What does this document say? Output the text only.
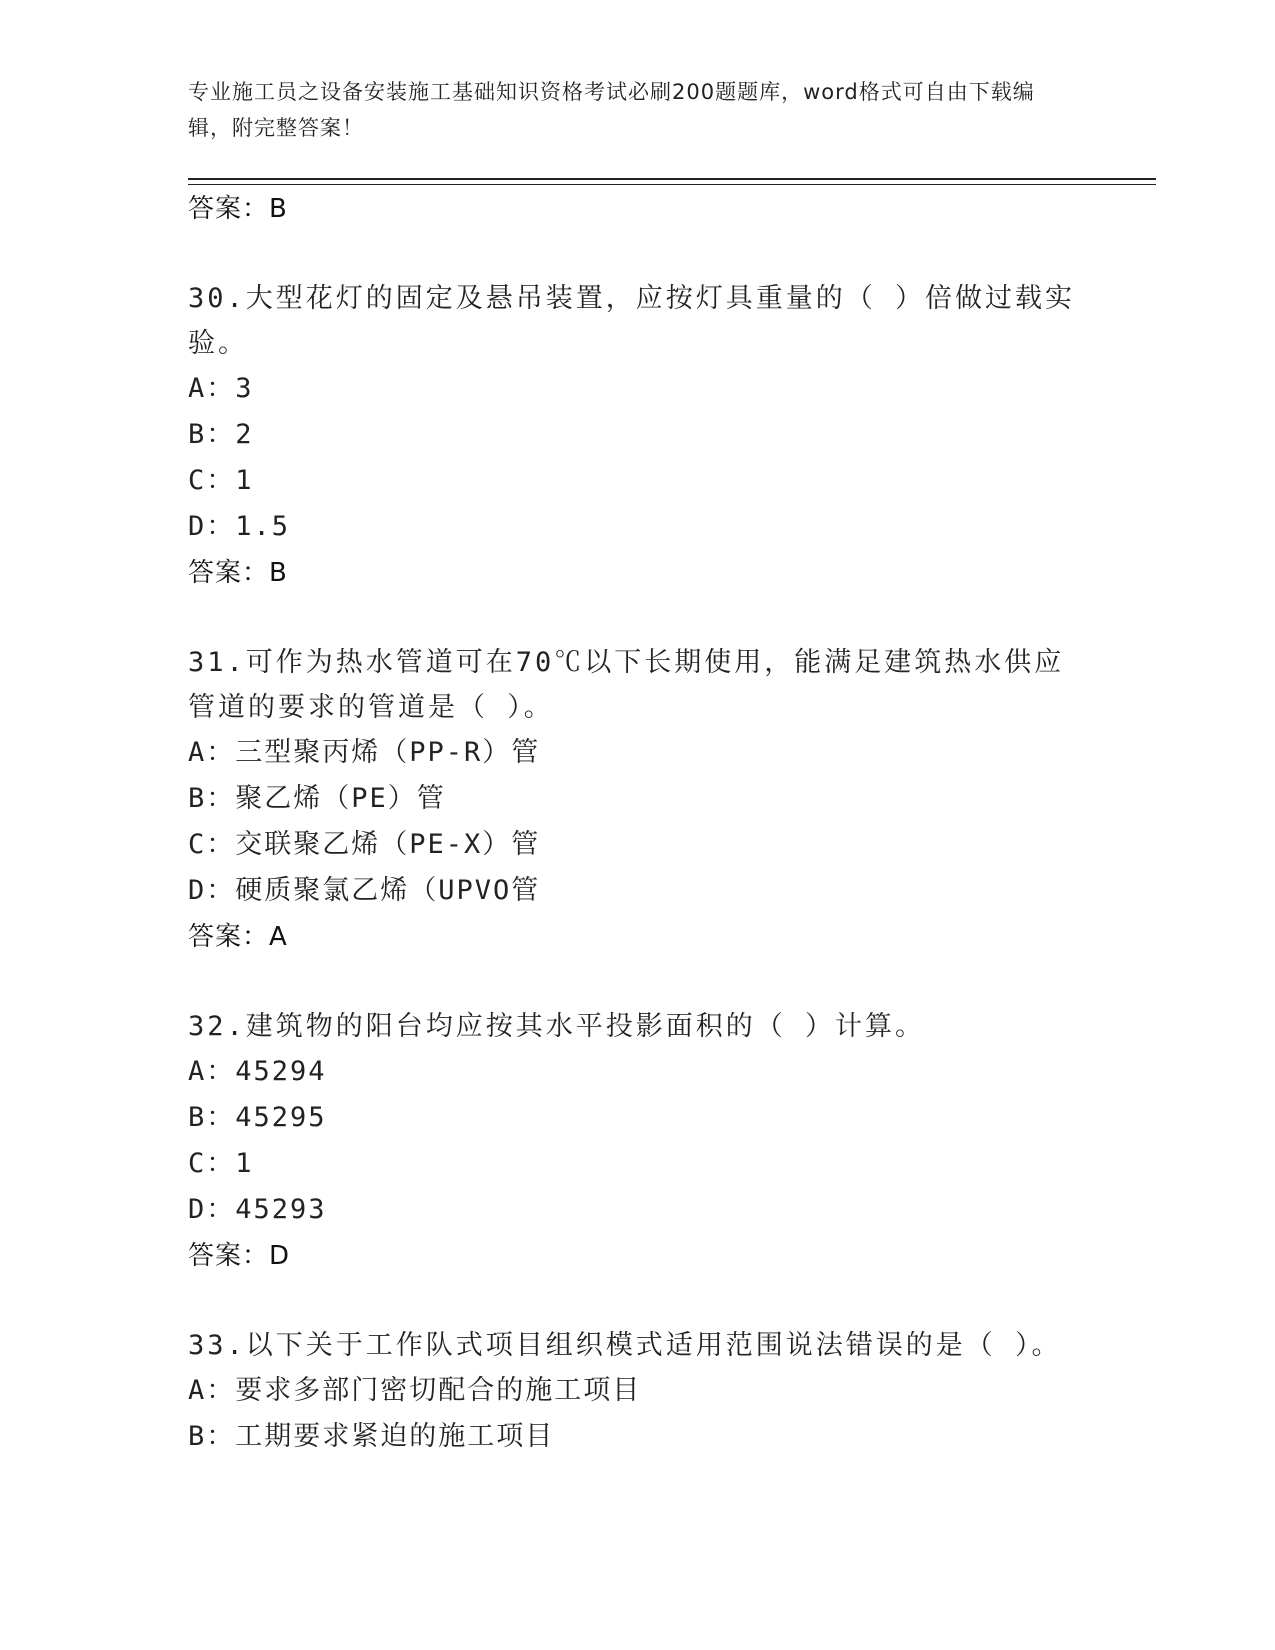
专业施工员之设备安装施工基础知识资格考试必刷200题题库，word格式可自由下载编辑，附完整答案！
答案：B
30.大型花灯的固定及悬吊装置，应按灯具重量的（ ）倍做过载实验。
A：3
B：2
C：1
D：1.5
答案：B
31.可作为热水管道可在70℃以下长期使用，能满足建筑热水供应管道的要求的管道是（ ）。
A：三型聚丙烯（PP-R）管
B：聚乙烯（PE）管
C：交联聚乙烯（PE-X）管
D：硬质聚氯乙烯（UPVO管
答案：A
32.建筑物的阳台均应按其水平投影面积的（ ）计算。
A：45294
B：45295
C：1
D：45293
答案：D
33.以下关于工作队式项目组织模式适用范围说法错误的是（ ）。
A：要求多部门密切配合的施工项目
B：工期要求紧迫的施工项目
